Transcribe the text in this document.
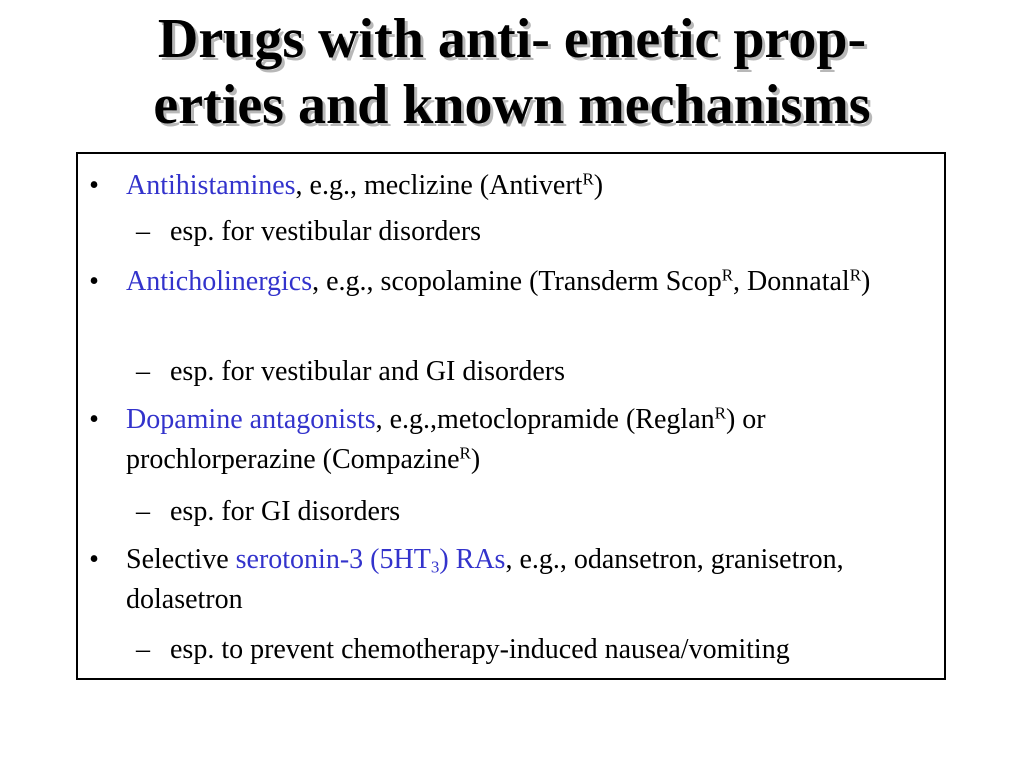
Drugs with anti- emetic prop-
erties and known mechanisms
• Antihistamines, e.g., meclizine (Antivert$^R$)
– esp. for vestibular disorders
• Anticholinergics, e.g., scopolamine (Transderm Scop$^R$, Donnatal$^R$)
– esp. for vestibular and GI disorders
• Dopamine antagonists, e.g.,metoclopramide (Reglan$^R$) or prochlorperazine (Compazine$^R$)
– esp. for GI disorders
• Selective serotonin-3 $(5HT_3)$ RAs, e.g., odansetron, granisetron, dolasetron
– esp. to prevent chemotherapy-induced nausea/vomiting
